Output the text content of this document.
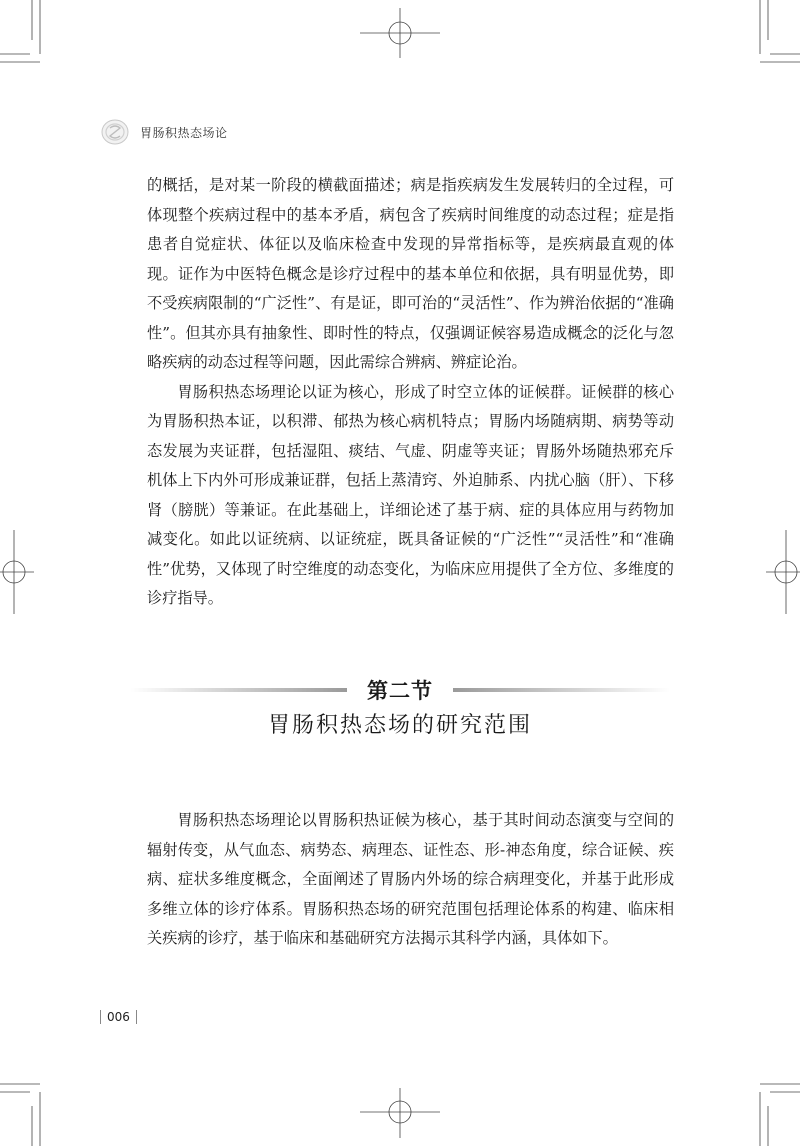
胃肠积热态场论

的概括，是对某一阶段的横截面描述；病是指疾病发生发展转归的全过程，可体现整个疾病过程中的基本矛盾，病包含了疾病时间维度的动态过程；症是指患者自觉症状、体征以及临床检查中发现的异常指标等，是疾病最直观的体现。证作为中医特色概念是诊疗过程中的基本单位和依据，具有明显优势，即不受疾病限制的“广泛性”、有是证，即可治的“灵活性”、作为辨治依据的“准确性”。但其亦具有抽象性、即时性的特点，仅强调证候容易造成概念的泛化与忽略疾病的动态过程等问题，因此需综合辨病、辨症论治。

胃肠积热态场理论以证为核心，形成了时空立体的证候群。证候群的核心为胃肠积热本证，以积滞、郁热为核心病机特点；胃肠内场随病期、病势等动态发展为夹证群，包括湿阻、痰结、气虚、阴虚等夹证；胃肠外场随热邪充斥机体上下内外可形成兼证群，包括上蒸清窍、外迫肺系、内扰心脑（肝）、下移肾（膀胱）等兼证。在此基础上，详细论述了基于病、症的具体应用与药物加减变化。如此以证统病、以证统症，既具备证候的“广泛性”“灵活性”和“准确性”优势，又体现了时空维度的动态变化，为临床应用提供了全方位、多维度的诊疗指导。

第二节
胃肠积热态场的研究范围

胃肠积热态场理论以胃肠积热证候为核心，基于其时间动态演变与空间的辐射传变，从气血态、病势态、病理态、证性态、形-神态角度，综合证候、疾病、症状多维度概念，全面阐述了胃肠内外场的综合病理变化，并基于此形成多维立体的诊疗体系。胃肠积热态场的研究范围包括理论体系的构建、临床相关疾病的诊疗，基于临床和基础研究方法揭示其科学内涵，具体如下。

006
